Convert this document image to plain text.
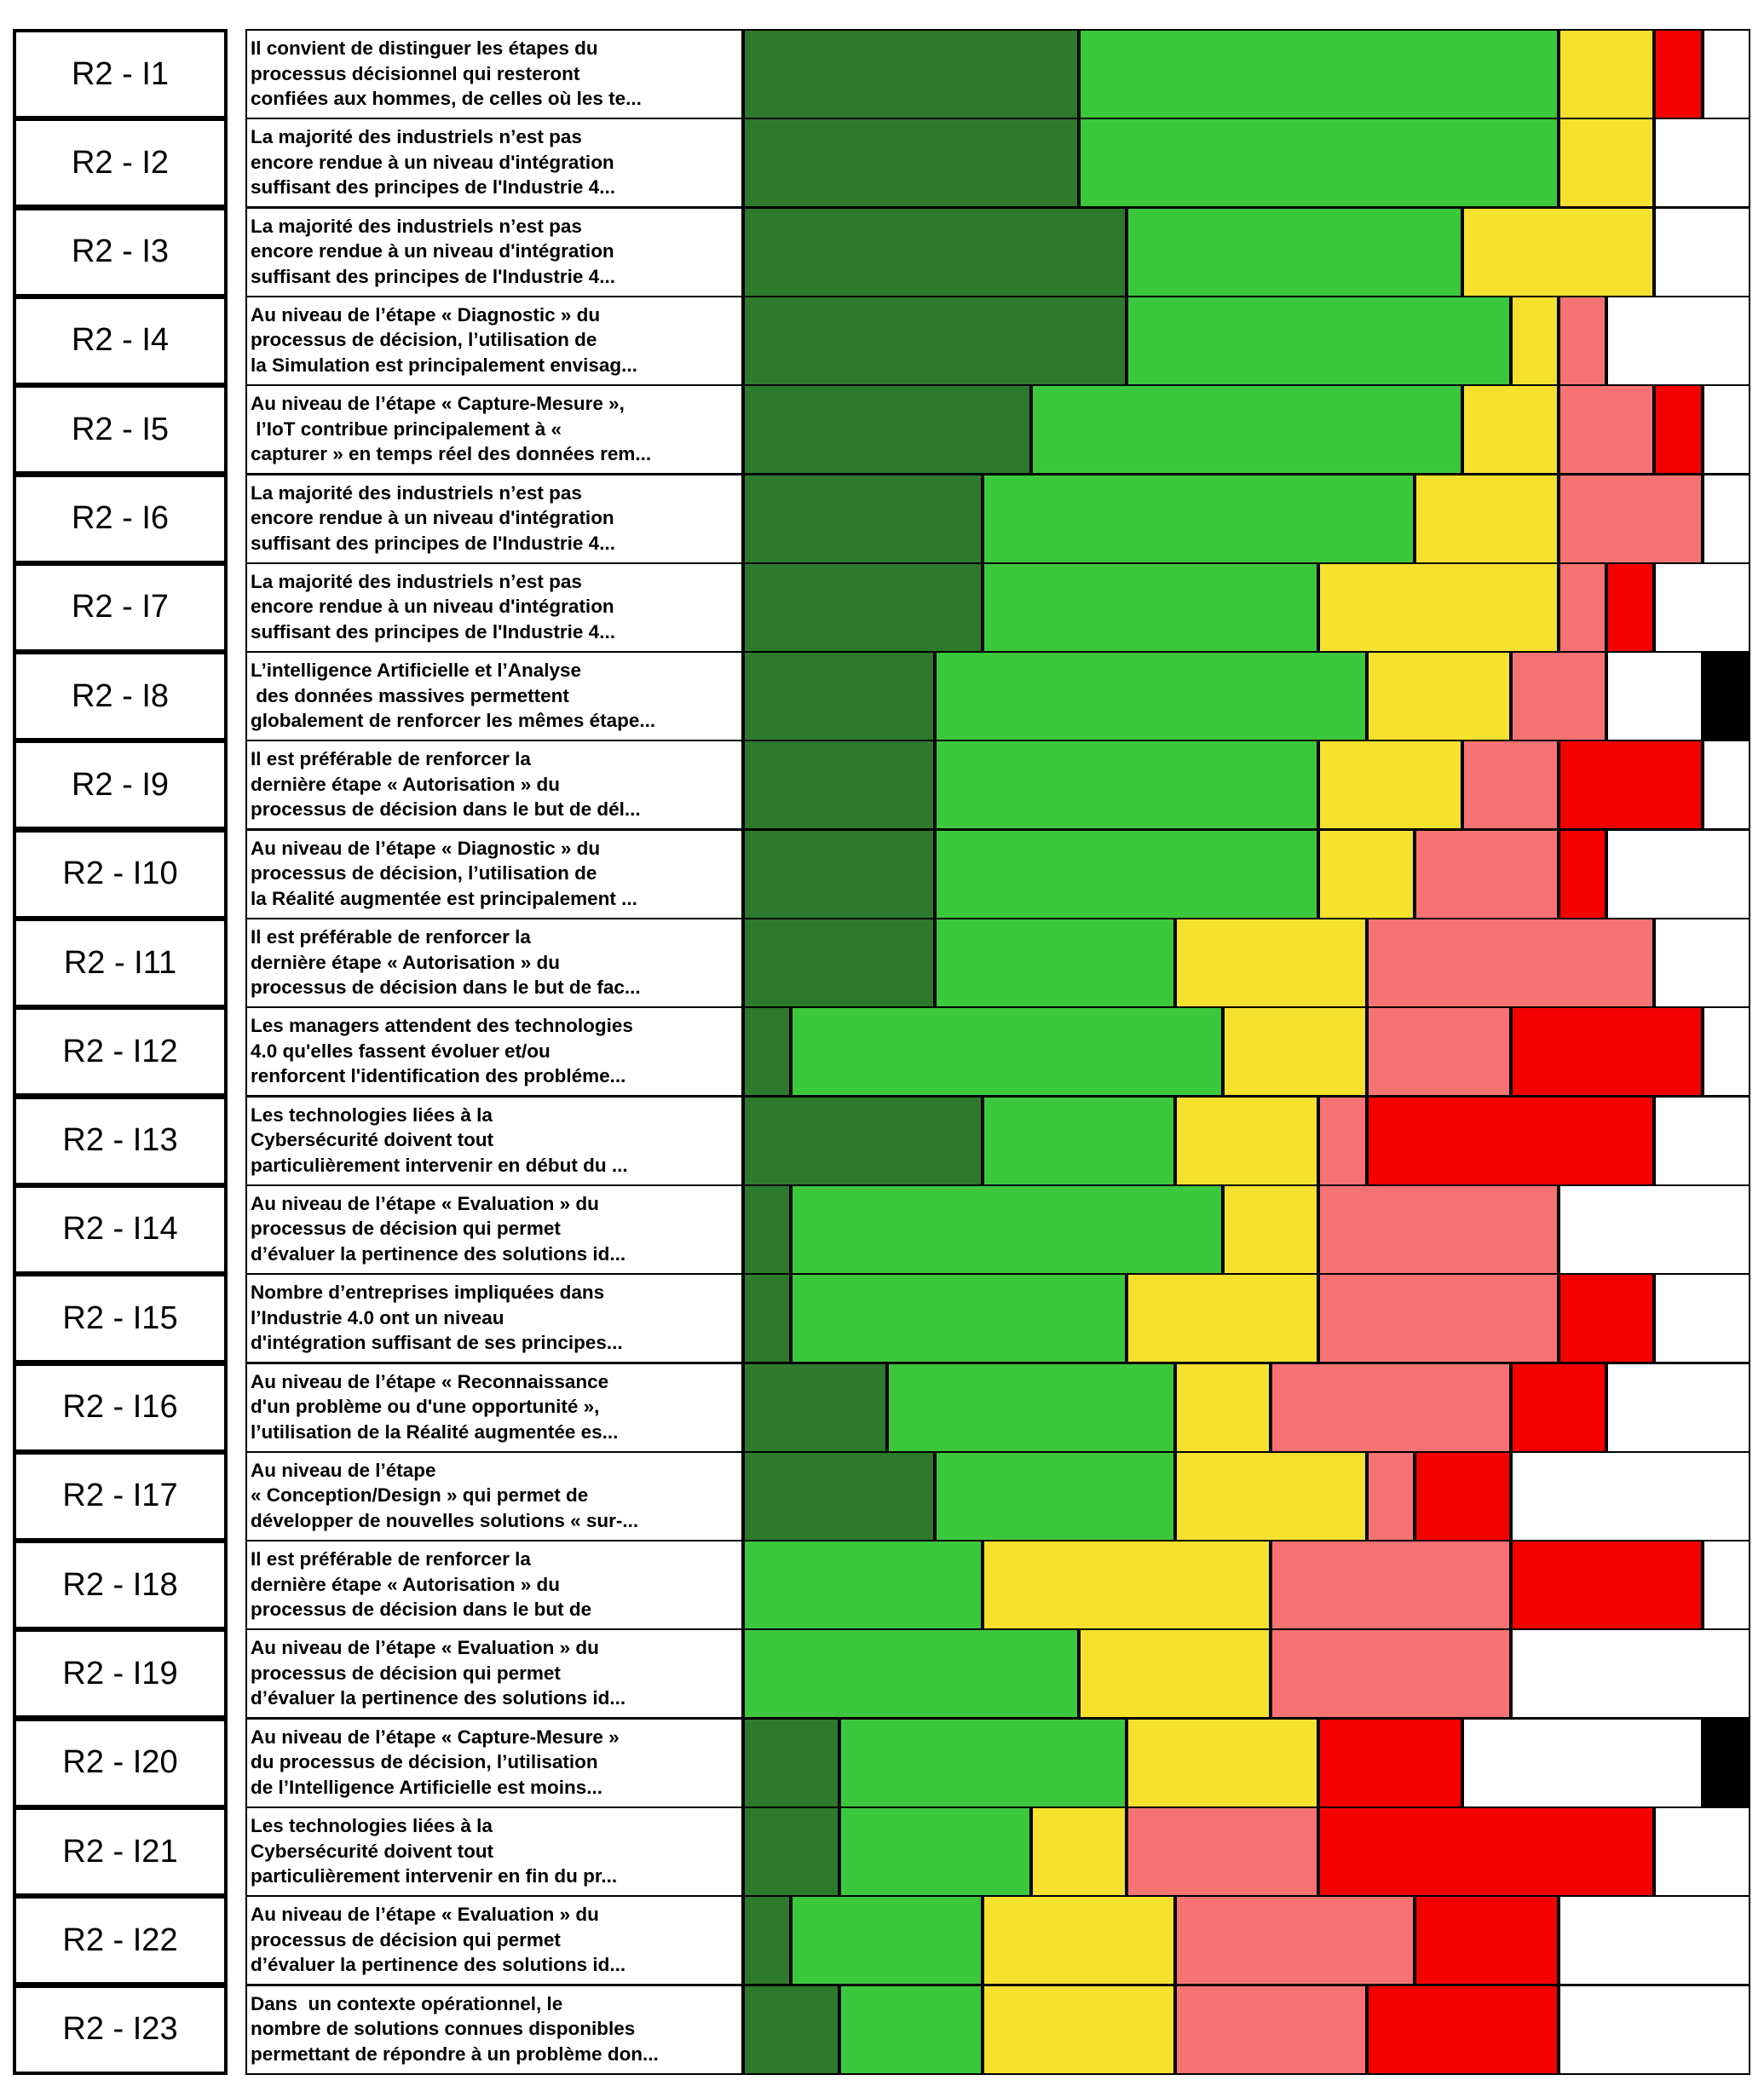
R2 - I1
Il convient de distinguer les étapes du
processus décisionnel qui resteront
confiées aux hommes, de celles où les te...
R2 - I2
La majorité des industriels n’est pas
encore rendue à un niveau d'intégration
suffisant des principes de l'Industrie 4...
R2 - I3
La majorité des industriels n’est pas
encore rendue à un niveau d'intégration
suffisant des principes de l'Industrie 4...
R2 - I4
Au niveau de l’étape « Diagnostic » du
processus de décision, l’utilisation de
la Simulation est principalement envisag...
R2 - I5
Au niveau de l’étape « Capture-Mesure »,
l’IoT contribue principalement à «
capturer » en temps réel des données rem...
R2 - I6
La majorité des industriels n’est pas
encore rendue à un niveau d'intégration
suffisant des principes de l'Industrie 4...
R2 - I7
La majorité des industriels n’est pas
encore rendue à un niveau d'intégration
suffisant des principes de l'Industrie 4...
R2 - I8
L’intelligence Artificielle et l’Analyse
des données massives permettent
globalement de renforcer les mêmes étape...
R2 - I9
Il est préférable de renforcer la
dernière étape « Autorisation » du
processus de décision dans le but de dél...
R2 - I10
Au niveau de l’étape « Diagnostic » du
processus de décision, l’utilisation de
la Réalité augmentée est principalement ...
R2 - I11
Il est préférable de renforcer la
dernière étape « Autorisation » du
processus de décision dans le but de fac...
R2 - I12
Les managers attendent des technologies
4.0 qu'elles fassent évoluer et/ou
renforcent l'identification des probléme...
R2 - I13
Les technologies liées à la
Cybersécurité doivent tout
particulièrement intervenir en début du ...
R2 - I14
Au niveau de l’étape « Evaluation » du
processus de décision qui permet
d’évaluer la pertinence des solutions id...
R2 - I15
Nombre d’entreprises impliquées dans
l’Industrie 4.0 ont un niveau
d'intégration suffisant de ses principes...
R2 - I16
Au niveau de l’étape « Reconnaissance
d'un problème ou d'une opportunité »,
l’utilisation de la Réalité augmentée es...
R2 - I17
Au niveau de l’étape
« Conception/Design » qui permet de
développer de nouvelles solutions « sur-...
R2 - I18
Il est préférable de renforcer la
dernière étape « Autorisation » du
processus de décision dans le but de
R2 - I19
Au niveau de l’étape « Evaluation » du
processus de décision qui permet
d’évaluer la pertinence des solutions id...
R2 - I20
Au niveau de l’étape « Capture-Mesure »
du processus de décision, l’utilisation
de l’Intelligence Artificielle est moins...
R2 - I21
Les technologies liées à la
Cybersécurité doivent tout
particulièrement intervenir en fin du pr...
R2 - I22
Au niveau de l’étape « Evaluation » du
processus de décision qui permet
d’évaluer la pertinence des solutions id...
R2 - I23
Dans  un contexte opérationnel, le
nombre de solutions connues disponibles
permettant de répondre à un problème don...
